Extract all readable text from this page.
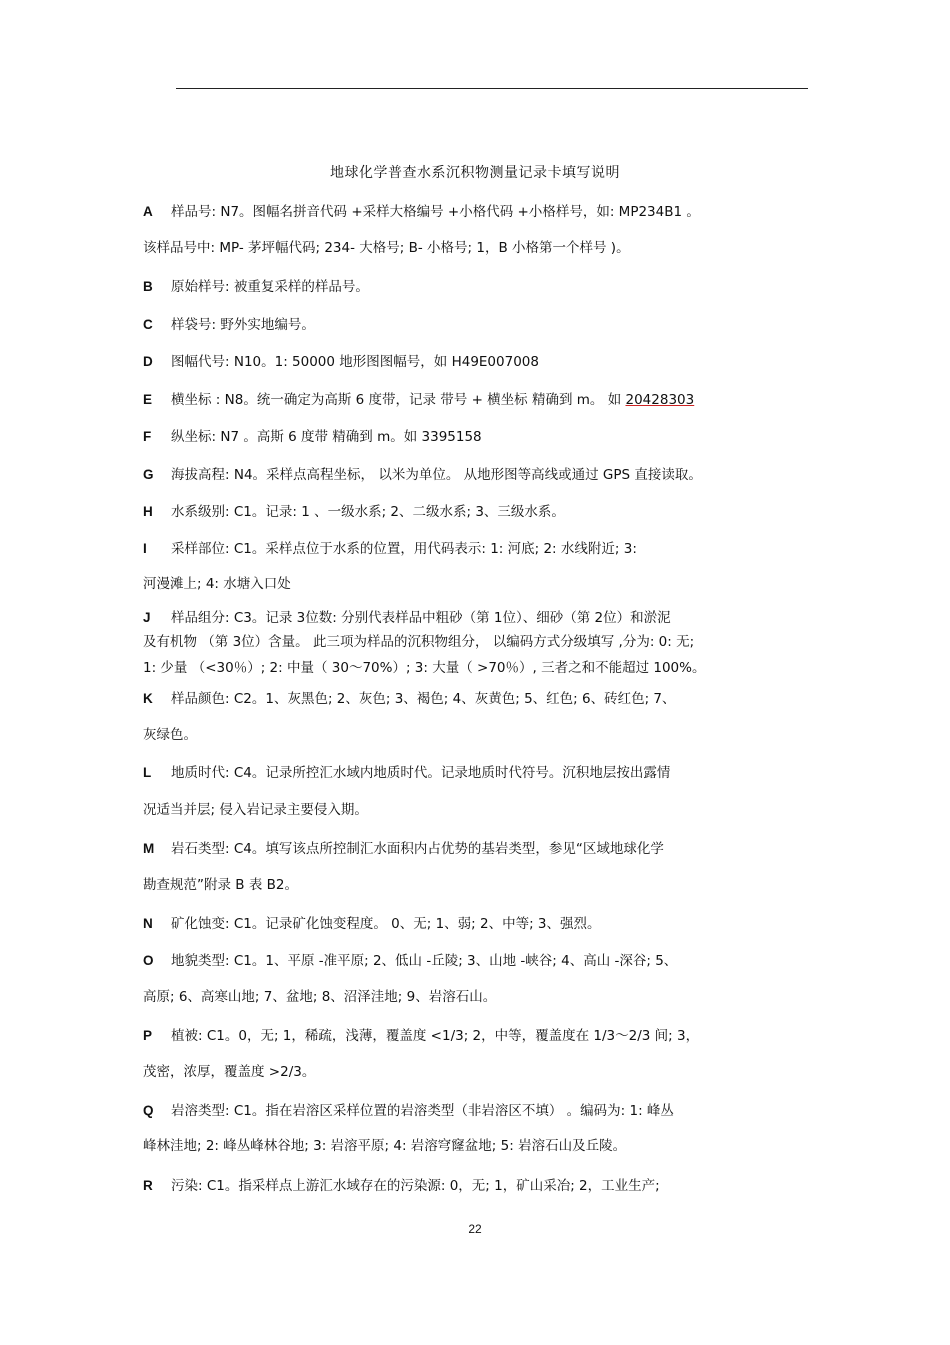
地球化学普查水系沉积物测量记录卡填写说明
A 样品号: N7。图幅名拼音代码 +采样大格编号 +小格代码 +小格样号，如: MP234B1 。
该样品号中: MP- 茅坪幅代码; 234- 大格号; B- 小格号; 1，B 小格第一个样号 )。
B 原始样号: 被重复采样的样品号。
C 样袋号: 野外实地编号。
D 图幅代号: N10。1: 50000 地形图图幅号，如 H49E007008
E 横坐标 : N8。统一确定为高斯 6 度带，记录 带号 + 横坐标 精确到 m。 如 20428303
F 纵坐标: N7 。高斯 6 度带 精确到 m。如 3395158
G 海拔高程: N4。采样点高程坐标， 以米为单位。 从地形图等高线或通过 GPS 直接读取。
H 水系级别: C1。记录: 1 、一级水系; 2、二级水系; 3、三级水系。
I 采样部位: C1。采样点位于水系的位置，用代码表示: 1: 河底; 2: 水线附近; 3:
河漫滩上; 4: 水塘入口处
J 样品组分: C3。记录 3位数: 分别代表样品中粗砂（第 1位）、细砂（第 2位）和淤泥
及有机物 （第 3位）含量。 此三项为样品的沉积物组分， 以编码方式分级填写 ,分为: 0: 无;
1: 少量 （<30％）; 2: 中量（ 30～70%）; 3: 大量（ >70％）, 三者之和不能超过 100%。
K 样品颜色: C2。1、灰黑色; 2、灰色; 3、褐色; 4、灰黄色; 5、红色; 6、砖红色; 7、
灰绿色。
L 地质时代: C4。记录所控汇水域内地质时代。记录地质时代符号。沉积地层按出露情
况适当并层; 侵入岩记录主要侵入期。
M 岩石类型: C4。填写该点所控制汇水面积内占优势的基岩类型，参见“区域地球化学
勘查规范”附录 B 表 B2。
N 矿化蚀变: C1。记录矿化蚀变程度。 0、无; 1、弱; 2、中等; 3、强烈。
O 地貌类型: C1。1、平原 -准平原; 2、低山 -丘陵; 3、山地 -峡谷; 4、高山 -深谷; 5、
高原; 6、高寒山地; 7、盆地; 8、沼泽洼地; 9、岩溶石山。
P 植被: C1。0，无; 1，稀疏，浅薄，覆盖度 <1/3; 2，中等，覆盖度在 1/3～2/3 间; 3，
茂密，浓厚，覆盖度 >2/3。
Q 岩溶类型: C1。指在岩溶区采样位置的岩溶类型（非岩溶区不填） 。编码为: 1: 峰丛
峰林洼地; 2: 峰丛峰林谷地; 3: 岩溶平原; 4: 岩溶穹窿盆地; 5: 岩溶石山及丘陵。
R 污染: C1。指采样点上游汇水域存在的污染源: 0，无; 1，矿山采冶; 2，工业生产;
22
